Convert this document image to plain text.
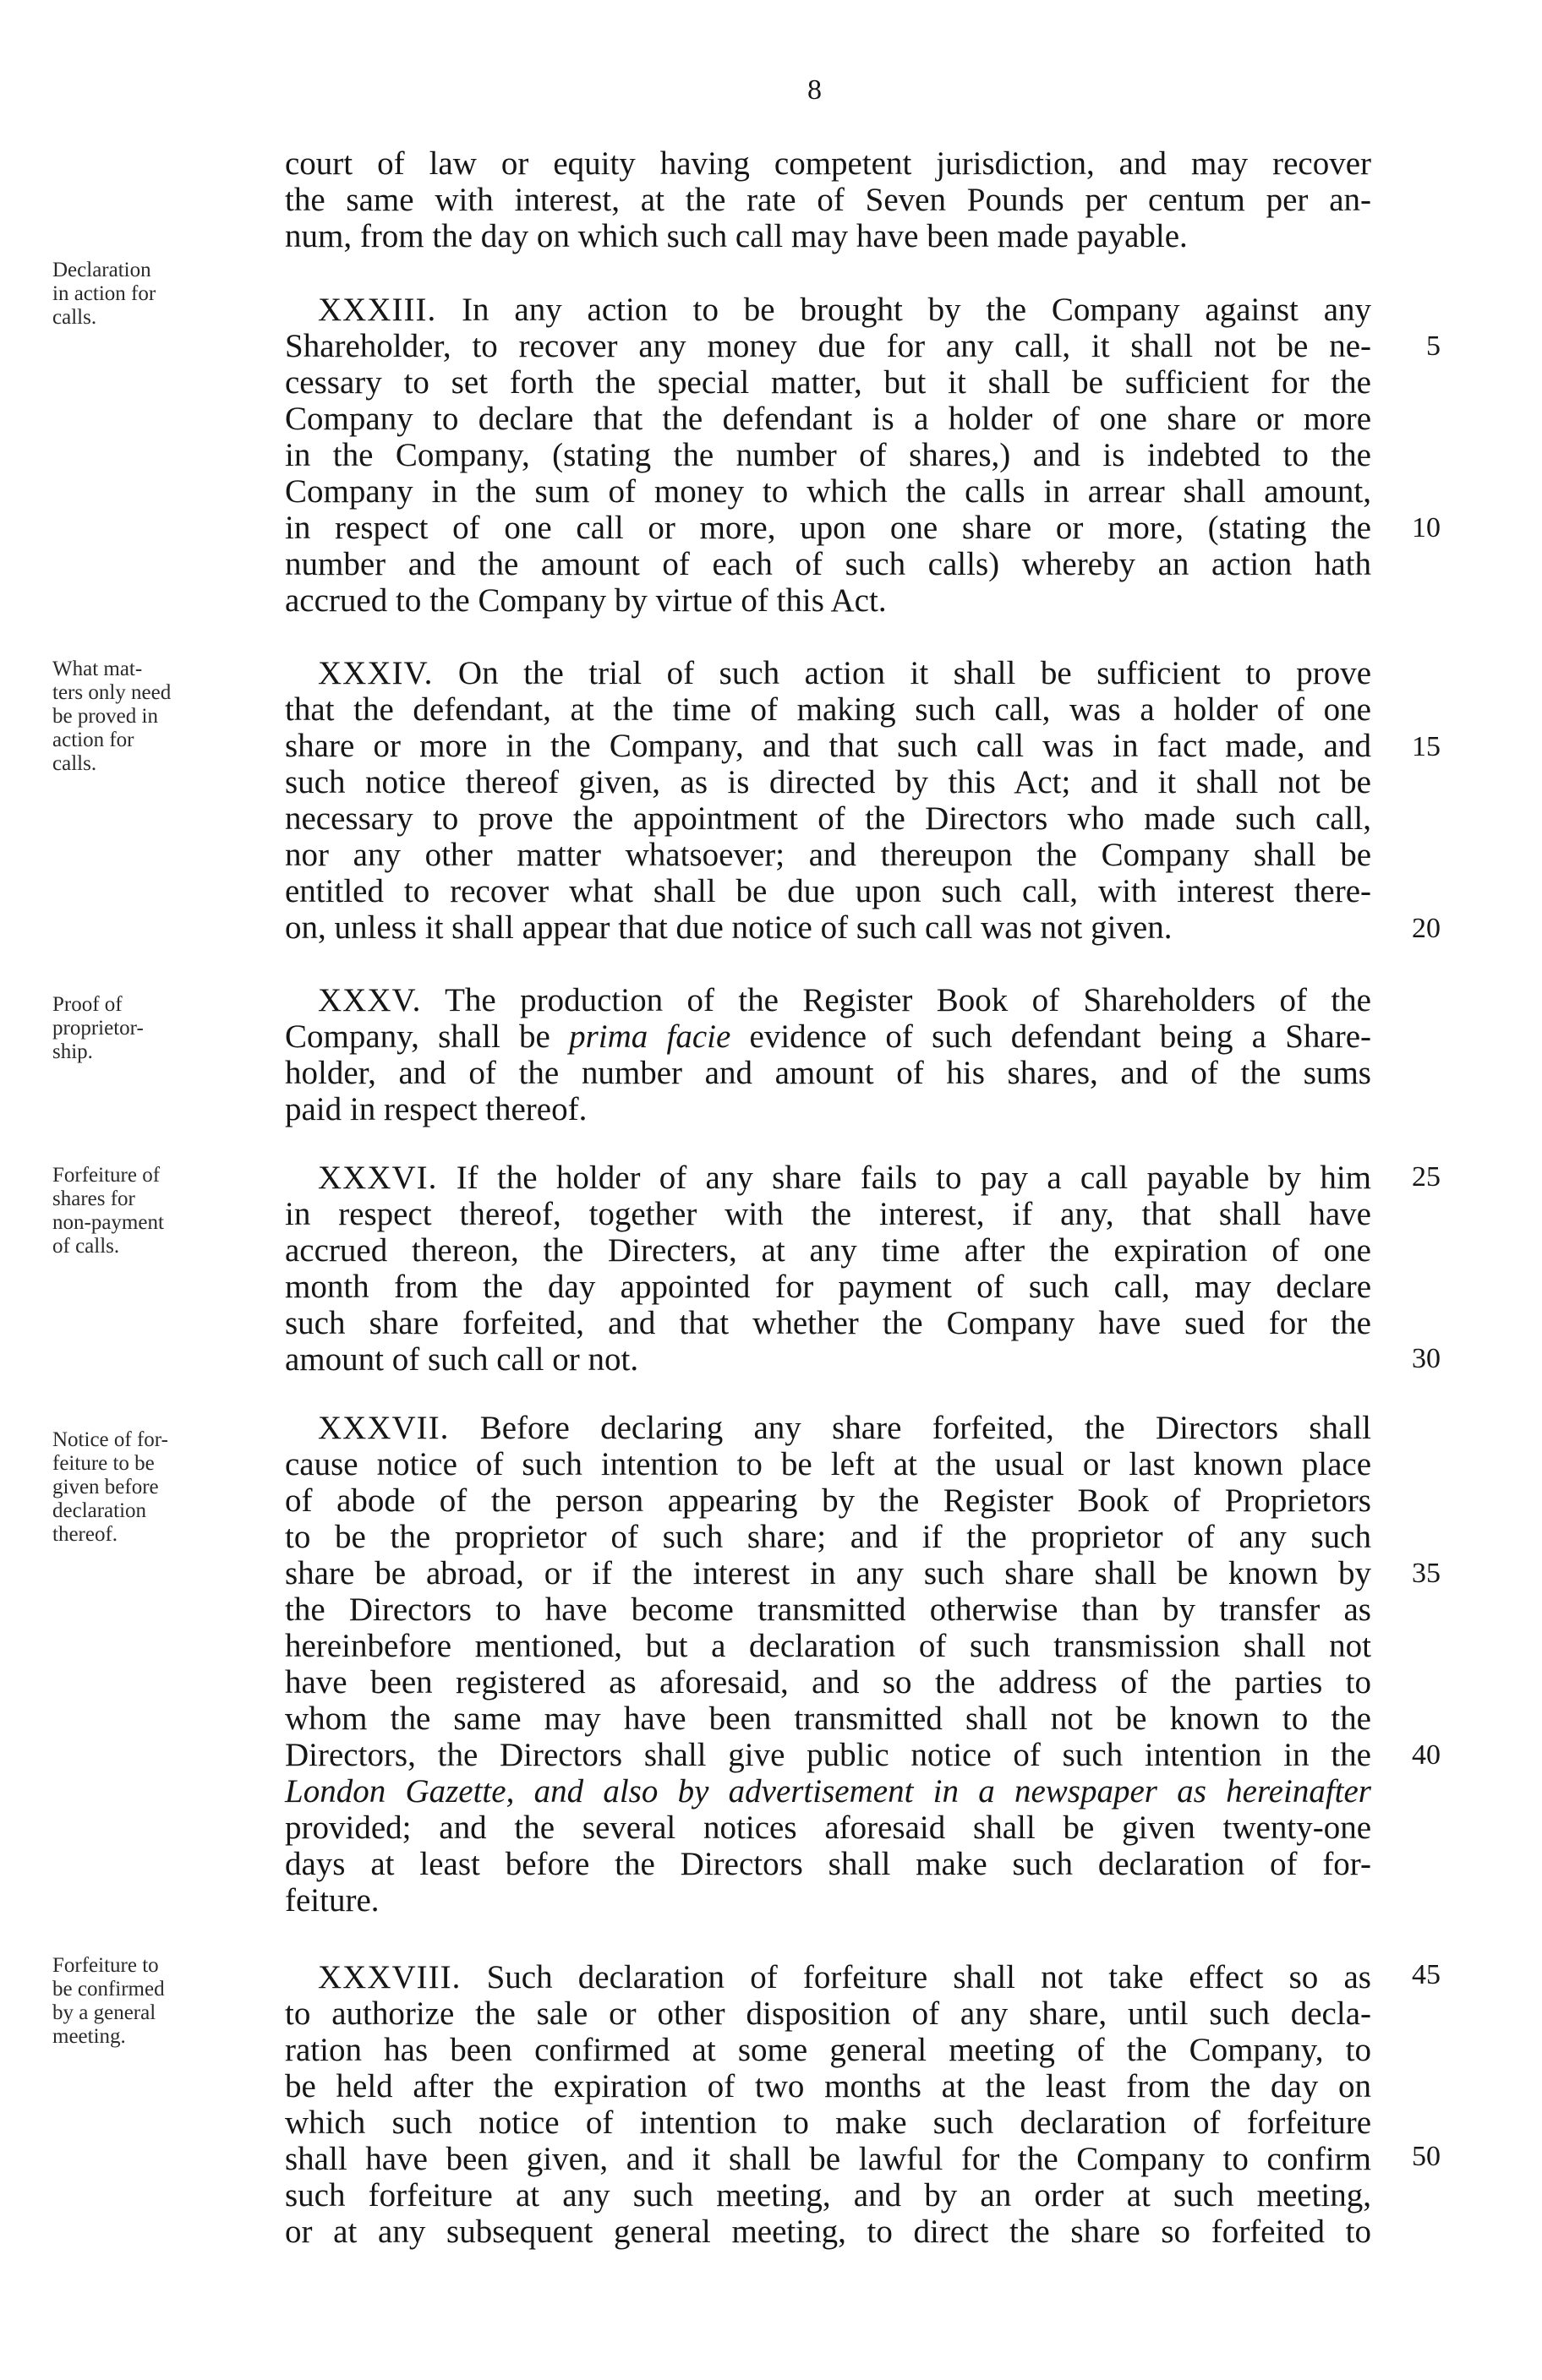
8
court of law or equity having competent jurisdiction, and may recover
the same with interest, at the rate of Seven Pounds per centum per an-
num, from the day on which such call may have been made payable.
Declaration
in action for
calls.
 	XXXIII. In any action to be brought by the Company against any
Shareholder, to recover any money due for any call, it shall not be ne-
cessary to set forth the special matter, but it shall be sufficient for the
Company to declare that the defendant is a holder of one share or more
in the Company, (stating the number of shares,) and is indebted to the
Company in the sum of money to which the calls in arrear shall amount,
in respect of one call or more, upon one share or more, (stating the
number and the amount of each of such calls) whereby an action hath
accrued to the Company by virtue of this Act.
What mat-
ters only need
be proved in
action for
calls.
 XXXIV. On the trial of such action it shall be sufficient to prove
that the defendant, at the time of making such call, was a holder of one
share or more in the Company, and that such call was in fact made, and
such notice thereof given, as is directed by this Act; and it shall not be
necessary to prove the appointment of the Directors who made such call,
nor any other matter whatsoever; and thereupon the Company shall be
entitled to recover what shall be due upon such call, with interest there-
on, unless it shall appear that due notice of such call was not given.
Proof of
proprietor-
ship.
 XXXV. The production of the Register Book of Shareholders of the
Company, shall be prima facie evidence of such defendant being a Share-
holder, and of the number and amount of his shares, and of the sums
paid in respect thereof.
Forfeiture of
shares for
non-payment
of calls.
 XXXVI. If the holder of any share fails to pay a call payable by him
in respect thereof, together with the interest, if any, that shall have
accrued thereon, the Directers, at any time after the expiration of one
month from the day appointed for payment of such call, may declare
such share forfeited, and that whether the Company have sued for the
amount of such call or not.
Notice of for-
feiture to be
given before
declaration
thereof.
 XXXVII. Before declaring any share forfeited, the Directors shall
cause notice of such intention to be left at the usual or last known place
of abode of the person appearing by the Register Book of Proprietors
to be the proprietor of such share; and if the proprietor of any such
share be abroad, or if the interest in any such share shall be known by
the Directors to have become transmitted otherwise than by transfer as
hereinbefore mentioned, but a declaration of such transmission shall not
have been registered as aforesaid, and so the address of the parties to
whom the same may have been transmitted shall not be known to the
Directors, the Directors shall give public notice of such intention in the
London Gazette, and also by advertisement in a newspaper as hereinafter
provided; and the several notices aforesaid shall be given twenty-one
days at least before the Directors shall make such declaration of for-
feiture.
Forfeiture to
be confirmed
by a general
meeting.
 XXXVIII. Such declaration of forfeiture shall not take effect so as
to authorize the sale or other disposition of any share, until such decla-
ration has been confirmed at some general meeting of the Company, to
be held after the expiration of two months at the least from the day on
which such notice of intention to make such declaration of forfeiture
shall have been given, and it shall be lawful for the Company to confirm
such forfeiture at any such meeting, and by an order at such meeting,
or at any subsequent general meeting, to direct the share so forfeited to
5
10
15
20
25
30
35
40
45
50
